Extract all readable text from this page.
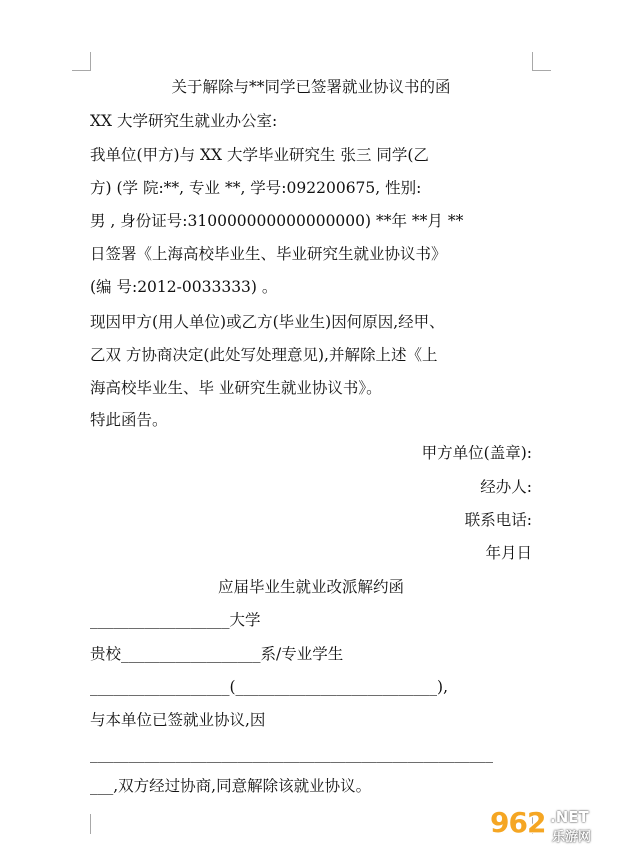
关于解除与**同学已签署就业协议书的函
XX 大学研究生就业办公室:
我单位(甲方)与 XX 大学毕业研究生 张三 同学(乙
方) (学 院:**, 专业 **, 学号:092200675, 性别:
男 , 身份证号:310000000000000000) **年 **月 **
日签署《上海高校毕业生、毕业研究生就业协议书》
(编 号:2012-0033333) 。
现因甲方(用人单位)或乙方(毕业生)因何原因,经甲、
乙双 方协商决定(此处写处理意见),并解除上述《上
海高校毕业生、毕 业研究生就业协议书》。
特此函告。
甲方单位(盖章):
经办人:
联系电话:
年月日
应届毕业生就业改派解约函
__________________大学
贵校__________________系/专业学生
__________________(__________________________),
与本单位已签就业协议,因
____________________________________________________
___,双方经过协商,同意解除该就业协议。
962 .NET
乐游网
